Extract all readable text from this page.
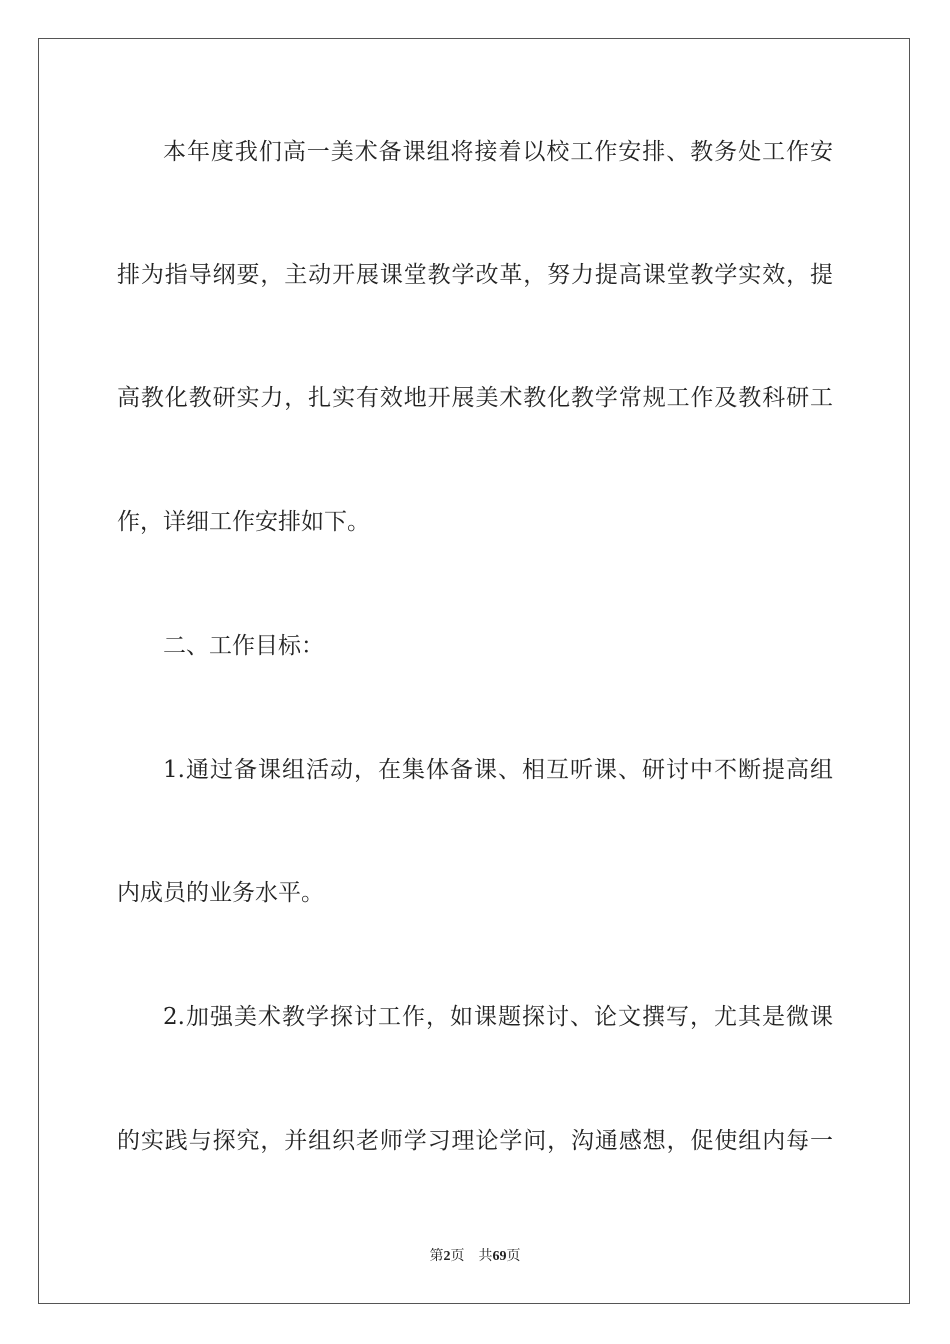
本年度我们高一美术备课组将接着以校工作安排、教务处工作安
排为指导纲要，主动开展课堂教学改革，努力提高课堂教学实效，提
高教化教研实力，扎实有效地开展美术教化教学常规工作及教科研工
作，详细工作安排如下。
二、工作目标：
1.通过备课组活动，在集体备课、相互听课、研讨中不断提高组
内成员的业务水平。
2.加强美术教学探讨工作，如课题探讨、论文撰写，尤其是微课
的实践与探究，并组织老师学习理论学问，沟通感想，促使组内每一
第2页 共69页
